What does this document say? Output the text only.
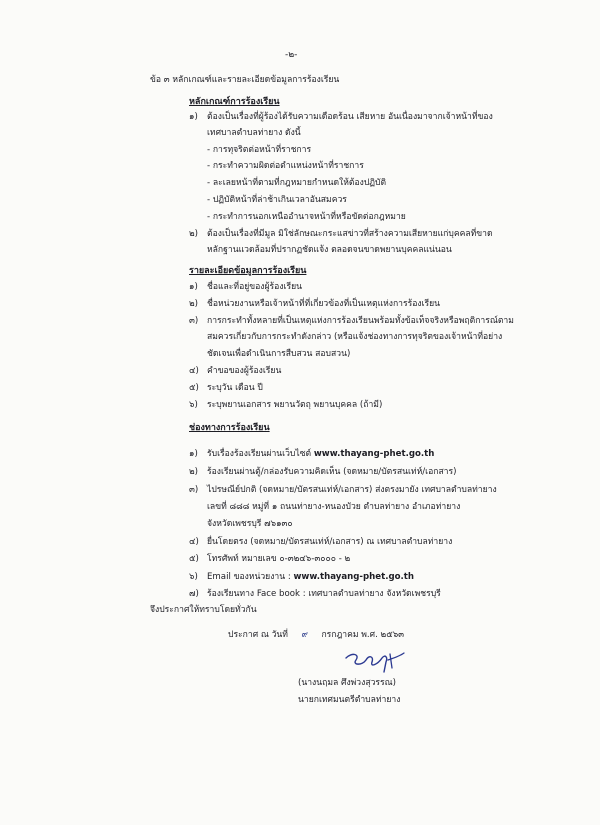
-๒-
ข้อ ๓ หลักเกณฑ์และรายละเอียดข้อมูลการร้องเรียน
หลักเกณฑ์การร้องเรียน
๑) ต้องเป็นเรื่องที่ผู้ร้องได้รับความเดือดร้อน เสียหาย อันเนื่องมาจากเจ้าหน้าที่ของ
เทศบาลตำบลท่ายาง ดังนี้
- การทุจริตต่อหน้าที่ราชการ
- กระทำความผิดต่อตำแหน่งหน้าที่ราชการ
- ละเลยหน้าที่ตามที่กฎหมายกำหนดให้ต้องปฏิบัติ
- ปฏิบัติหน้าที่ล่าช้าเกินเวลาอันสมควร
- กระทำการนอกเหนืออำนาจหน้าที่หรือขัดต่อกฎหมาย
๒) ต้องเป็นเรื่องที่มีมูล มิใช่ลักษณะกระแสข่าวที่สร้างความเสียหายแก่บุคคลที่ขาด
หลักฐานแวดล้อมที่ปรากฏชัดแจ้ง ตลอดจนขาดพยานบุคคลแน่นอน
รายละเอียดข้อมูลการร้องเรียน
๑) ชื่อและที่อยู่ของผู้ร้องเรียน
๒) ชื่อหน่วยงานหรือเจ้าหน้าที่ที่เกี่ยวข้องที่เป็นเหตุแห่งการร้องเรียน
๓) การกระทำทั้งหลายที่เป็นเหตุแห่งการร้องเรียนพร้อมทั้งข้อเท็จจริงหรือพฤติการณ์ตาม
สมควรเกี่ยวกับการกระทำดังกล่าว (หรือแจ้งช่องทางการทุจริตของเจ้าหน้าที่อย่าง
ชัดเจนเพื่อดำเนินการสืบสวน สอบสวน)
๔) คำขอของผู้ร้องเรียน
๕) ระบุวัน เดือน ปี
๖) ระบุพยานเอกสาร พยานวัตถุ พยานบุคคล (ถ้ามี)
ช่องทางการร้องเรียน
๑) รับเรื่องร้องเรียนผ่านเว็บไซต์ www.thayang-phet.go.th
๒) ร้องเรียนผ่านตู้/กล่องรับความคิดเห็น (จดหมาย/บัตรสนเท่ห์/เอกสาร)
๓) ไปรษณีย์ปกติ (จดหมาย/บัตรสนเท่ห์/เอกสาร) ส่งตรงมายัง เทศบาลตำบลท่ายาง
เลขที่ ๘๘๘ หมู่ที่ ๑ ถนนท่ายาง-หนองบัวย ตำบลท่ายาง อำเภอท่ายาง
จังหวัดเพชรบุรี ๗๖๑๓๐
๔) ยื่นโดยตรง (จดหมาย/บัตรสนเท่ห์/เอกสาร) ณ เทศบาลตำบลท่ายาง
๕) โทรศัพท์ หมายเลข ๐-๓๒๔๖-๓๐๐๐ - ๒
๖) Email ของหน่วยงาน : www.thayang-phet.go.th
๗) ร้องเรียนทาง Face book : เทศบาลตำบลท่ายาง จังหวัดเพชรบุรี
จึงประกาศให้ทราบโดยทั่วกัน
ประกาศ ณ วันที่ ๙ กรกฎาคม พ.ศ. ๒๕๖๓
(นางนฤมล ศึงพ่วงสุวรรณ)
นายกเทศมนตรีตำบลท่ายาง
